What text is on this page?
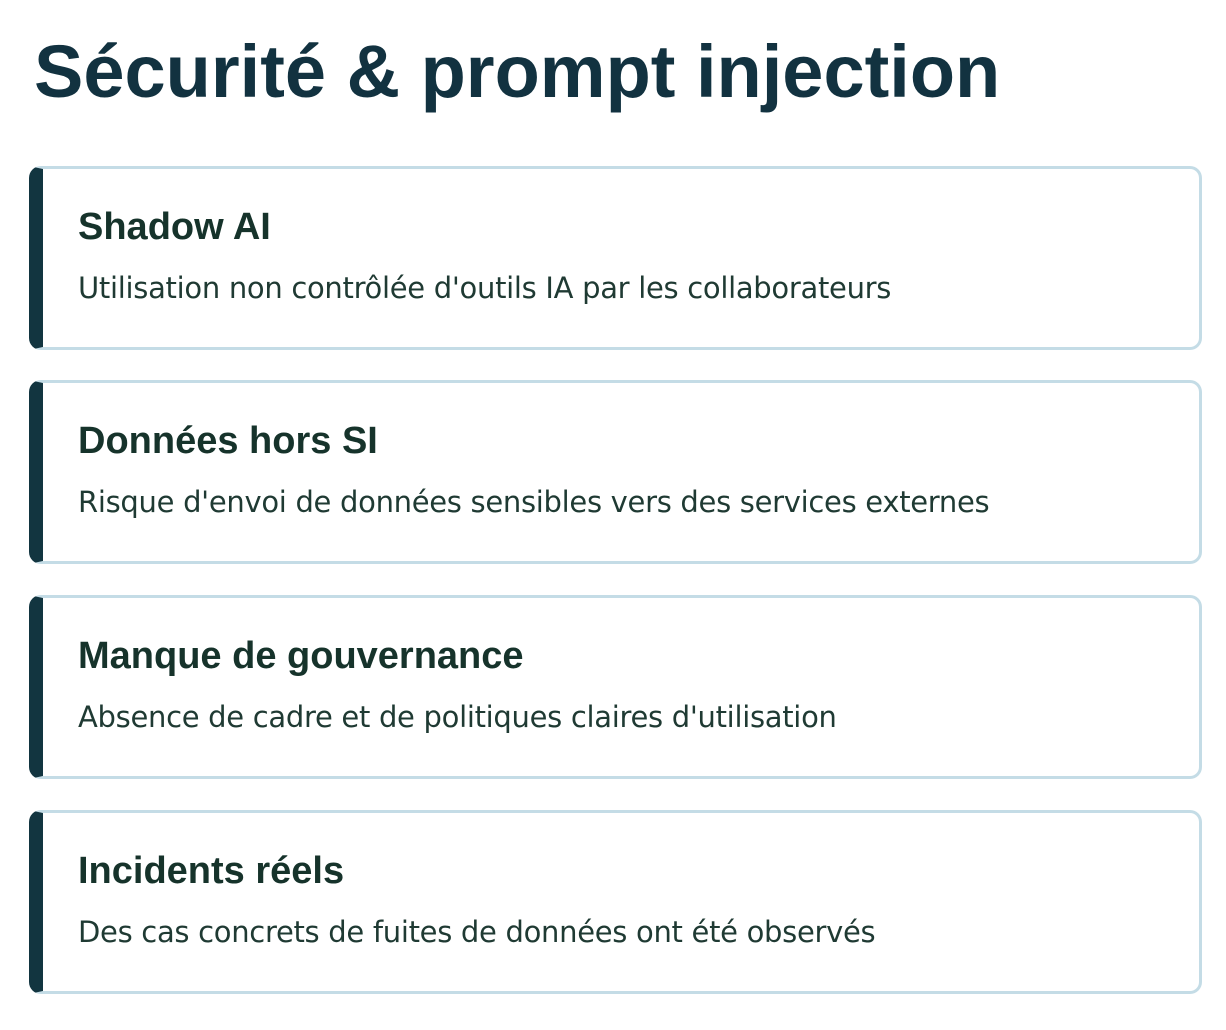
Sécurité & prompt injection
Shadow AI

Utilisation non contrôlée d'outils IA par les collaborateurs

Données hors SI

Risque d'envoi de données sensibles vers des services externes

Manque de gouvernance

Absence de cadre et de politiques claires d'utilisation

Incidents réels

Des cas concrets de fuites de données ont été observés
